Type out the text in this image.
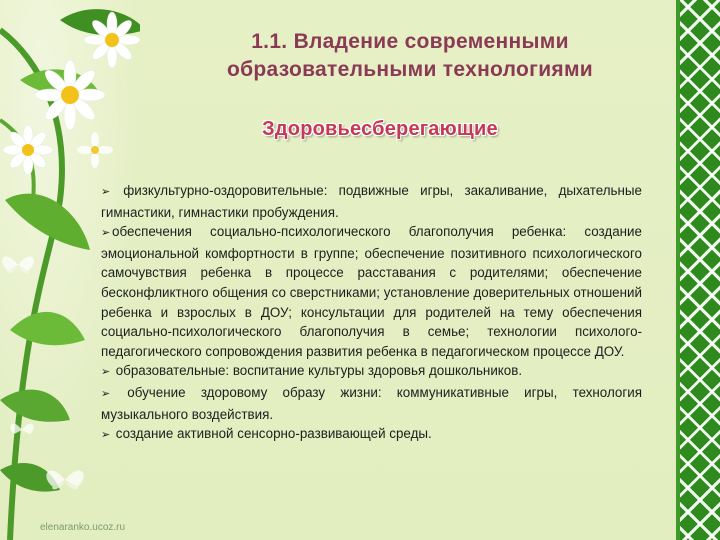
1.1. Владение современными образовательными технологиями
Здоровьесберегающие
➢ физкультурно-оздоровительные: подвижные игры, закаливание, дыхательные гимнастики, гимнастики пробуждения.
➢ обеспечения социально-психологического благополучия ребенка: создание эмоциональной комфортности в группе; обеспечение позитивного психологического самочувствия ребенка в процессе расставания с родителями; обеспечение бесконфликтного общения со сверстниками; установление доверительных отношений ребенка и взрослых в ДОУ; консультации для родителей на тему обеспечения социально-психологического благополучия в семье; технологии психолого-педагогического сопровождения развития ребенка в педагогическом процессе ДОУ.
➢ образовательные: воспитание культуры здоровья дошкольников.
➢ обучение здоровому образу жизни: коммуникативные игры, технология музыкального воздействия.
➢ создание активной сенсорно-развивающей среды.
elenaranko.ucoz.ru
